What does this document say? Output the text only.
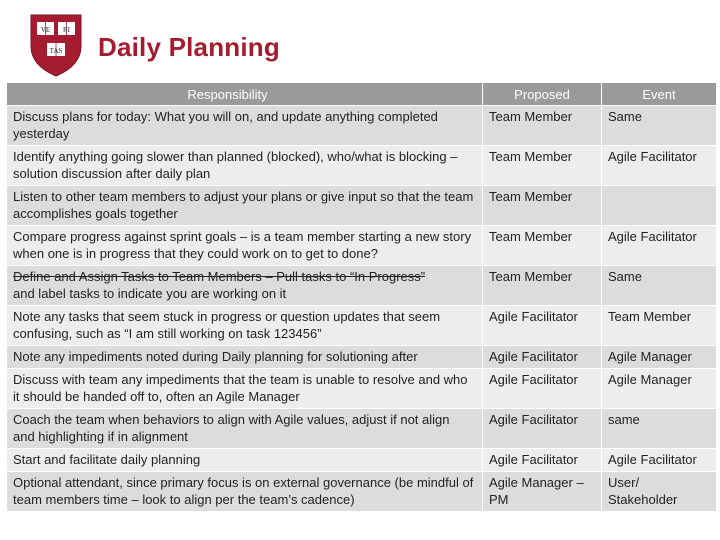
VE RI
TAS Daily Planning
Responsibility	Proposed	Event
Discuss plans for today: What you will on, and update anything completed yesterday	Team Member	Same
Identify anything going slower than planned (blocked), who/what is blocking – solution discussion after daily plan	Team Member	Agile Facilitator
Listen to other team members to adjust your plans or give input so that the team accomplishes goals together	Team Member	
Compare progress against sprint goals – is a team member starting a new story when one is in progress that they could work on to get to done?	Team Member	Agile Facilitator
Define and Assign Tasks to Team Members – Pull tasks to “In Progress”
and label tasks to indicate you are working on it	Team Member	Same
Note any tasks that seem stuck in progress or question updates that seem confusing, such as “I am still working on task 123456”	Agile Facilitator	Team Member
Note any impediments noted during Daily planning for solutioning after	Agile Facilitator	Agile Manager
Discuss with team any impediments that the team is unable to resolve and who it should be handed off to, often an Agile Manager	Agile Facilitator	Agile Manager
Coach the team when behaviors to align with Agile values, adjust if not align and highlighting if in alignment	Agile Facilitator	same
Start and facilitate daily planning	Agile Facilitator	Agile Facilitator
Optional attendant, since primary focus is on external governance (be mindful of team members time – look to align per the team’s cadence)	Agile Manager – PM	User/ Stakeholder
